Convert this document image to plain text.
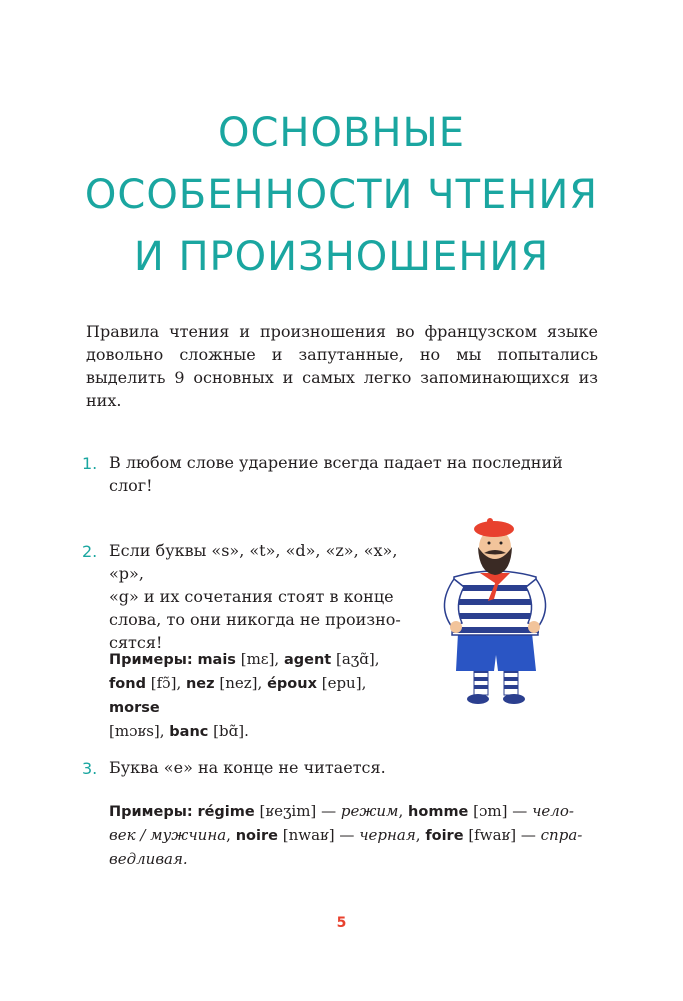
ОСНОВНЫЕ
ОСОБЕННОСТИ ЧТЕНИЯ
И ПРОИЗНОШЕНИЯ
Правила чтения и произношения во французском языке довольно сложные и запутанные, но мы попытались выделить 9 основных и самых легко запоминающихся из них.
1. В любом слове ударение всегда падает на последний
слог!
2. Если буквы «s», «t», «d», «z», «x», «p»,
«g» и их сочетания стоят в конце
слова, то они никогда не произно-
сятся!
Примеры: mais [mɛ], agent [aʒɑ̃],
fond [fɔ̃], nez [nez], époux [epu], morse
[mɔʁs], banc [bɑ̃].
3. Буква «е» на конце не читается.
Примеры: régime [ʁeʒim] — режим, homme [ɔm] — чело-
век / мужчина, noire [nwaʁ] — черная, foire [fwaʁ] — спра-
ведливая.
5
